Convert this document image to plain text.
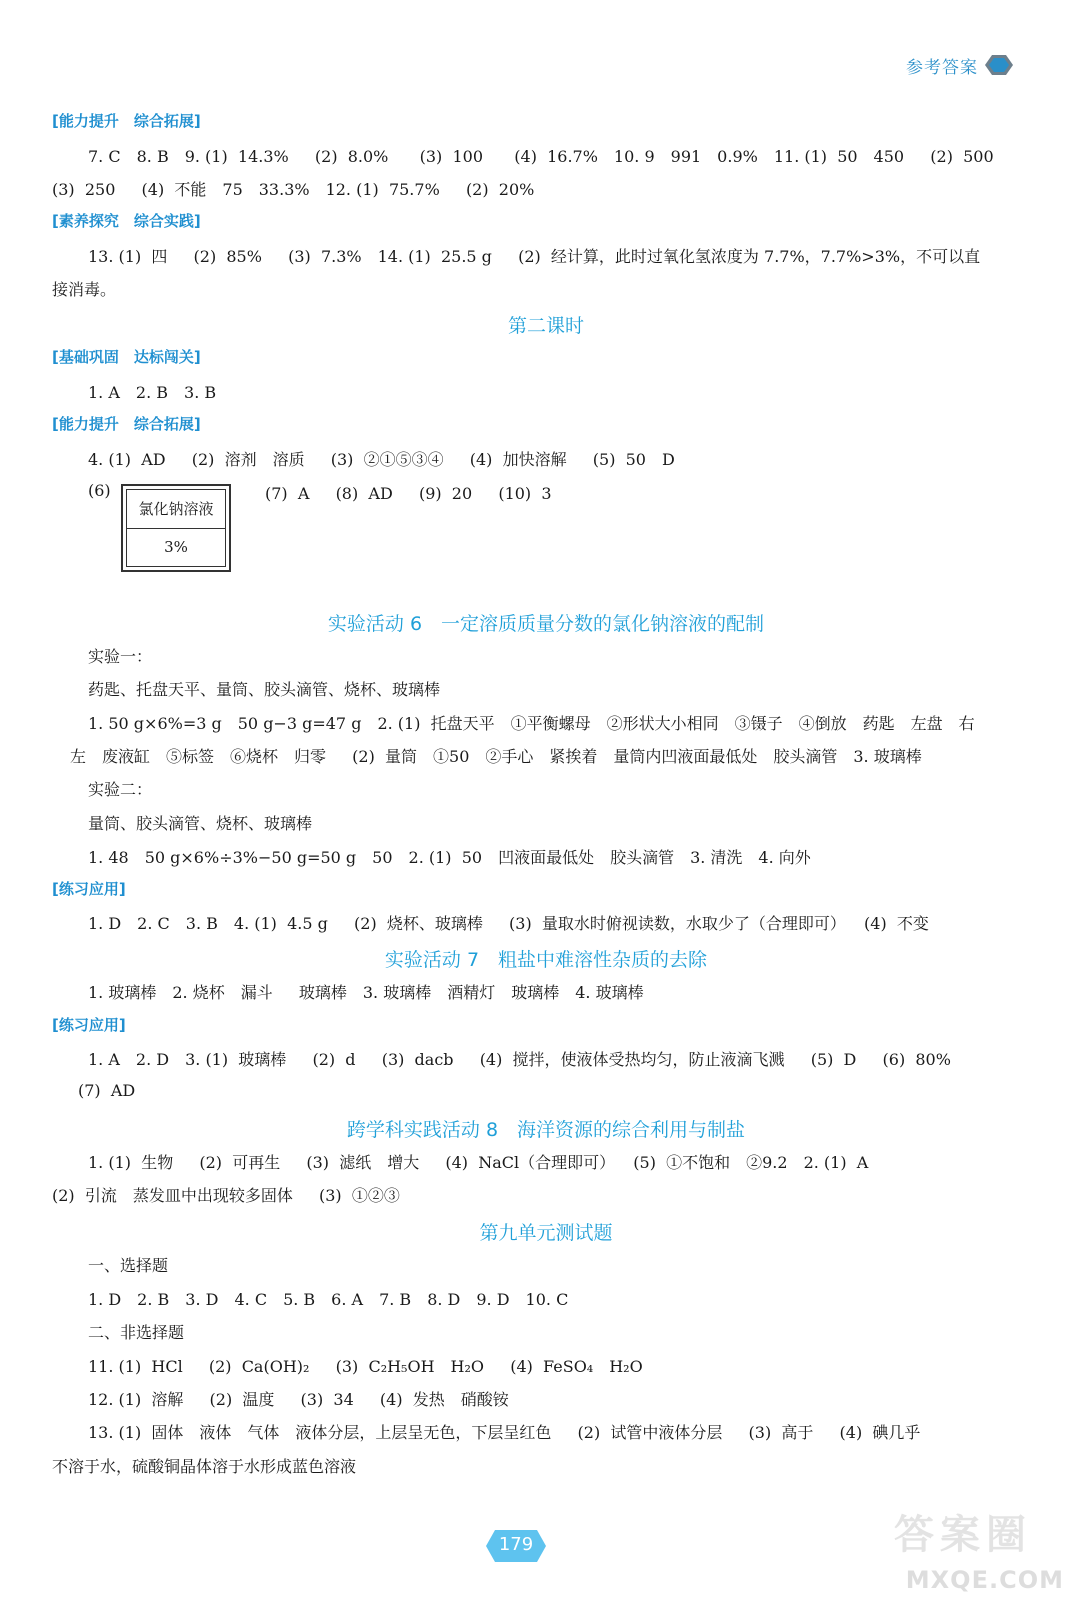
参考答案
[能力提升　综合拓展]
7. C　8. B　9. (1)  14.3%　  (2)  8.0%　   (3)  100　   (4)  16.7%　10. 9　991　0.9%　11. (1)  50　450　  (2)  500
(3)  250　  (4)  不能　75　33.3%　12. (1)  75.7%　  (2)  20%
[素养探究　综合实践]
13. (1)  四　  (2)  85%　  (3)  7.3%　14. (1)  25.5 g　  (2)  经计算，此时过氧化氢浓度为 7.7%，7.7%>3%，不可以直
接消毒。
[基础巩固　达标闯关]
1. A　2. B　3. B
[能力提升　综合拓展]
4. (1)  AD　  (2)  溶剂　溶质　  (3)  ②①⑤③④　  (4)  加快溶解　  (5)  50　D
(6)	(7)  A　  (8)  AD　  (9)  20　  (10)  3
实验一：
药匙、托盘天平、量筒、胶头滴管、烧杯、玻璃棒
1. 50 g×6%=3 g　50 g−3 g=47 g　2. (1)  托盘天平　①平衡螺母　②形状大小相同　③镊子　④倒放　药匙　左盘　右
左　废液缸　⑤标签　⑥烧杯　归零　  (2)  量筒　①50　②手心　紧挨着　量筒内凹液面最低处　胶头滴管　3. 玻璃棒
实验二：
量筒、胶头滴管、烧杯、玻璃棒
1. 48　50 g×6%÷3%−50 g=50 g　50　2. (1)  50　凹液面最低处　胶头滴管　3. 清洗　4. 向外
[练习应用]
1. D　2. C　3. B　4. (1)  4.5 g　  (2)  烧杯、玻璃棒　  (3)  量取水时俯视读数，水取少了（合理即可）　  (4)  不变
1. 玻璃棒　2. 烧杯　漏斗　  玻璃棒　3. 玻璃棒　酒精灯　玻璃棒　4. 玻璃棒
[练习应用]
1. A　2. D　3. (1)  玻璃棒　  (2)  d　  (3)  dacb　  (4)  搅拌，使液体受热均匀，防止液滴飞溅　  (5)  D　  (6)  80%
(7)  AD
1. (1)  生物　  (2)  可再生　  (3)  滤纸　增大　  (4)  NaCl（合理即可）　  (5)  ①不饱和　②9.2　2. (1)  A
(2)  引流　蒸发皿中出现较多固体　  (3)  ①②③
一、选择题
1. D　2. B　3. D　4. C　5. B　6. A　7. B　8. D　9. D　10. C
二、非选择题
11. (1)  HCl　  (2)  Ca(OH)₂　  (3)  C₂H₅OH　H₂O　  (4)  FeSO₄　H₂O
12. (1)  溶解　  (2)  温度　  (3)  34　  (4)  发热　硝酸铵
13. (1)  固体　液体　气体　液体分层，上层呈无色，下层呈红色　  (2)  试管中液体分层　  (3)  高于　  (4)  碘几乎
不溶于水，硫酸铜晶体溶于水形成蓝色溶液
第二课时
实验活动 6　一定溶质质量分数的氯化钠溶液的配制
实验活动 7　粗盐中难溶性杂质的去除
跨学科实践活动 8　海洋资源的综合利用与制盐
第九单元测试题
氯化钠溶液
3%
179	答案圈
MXQE.COM
